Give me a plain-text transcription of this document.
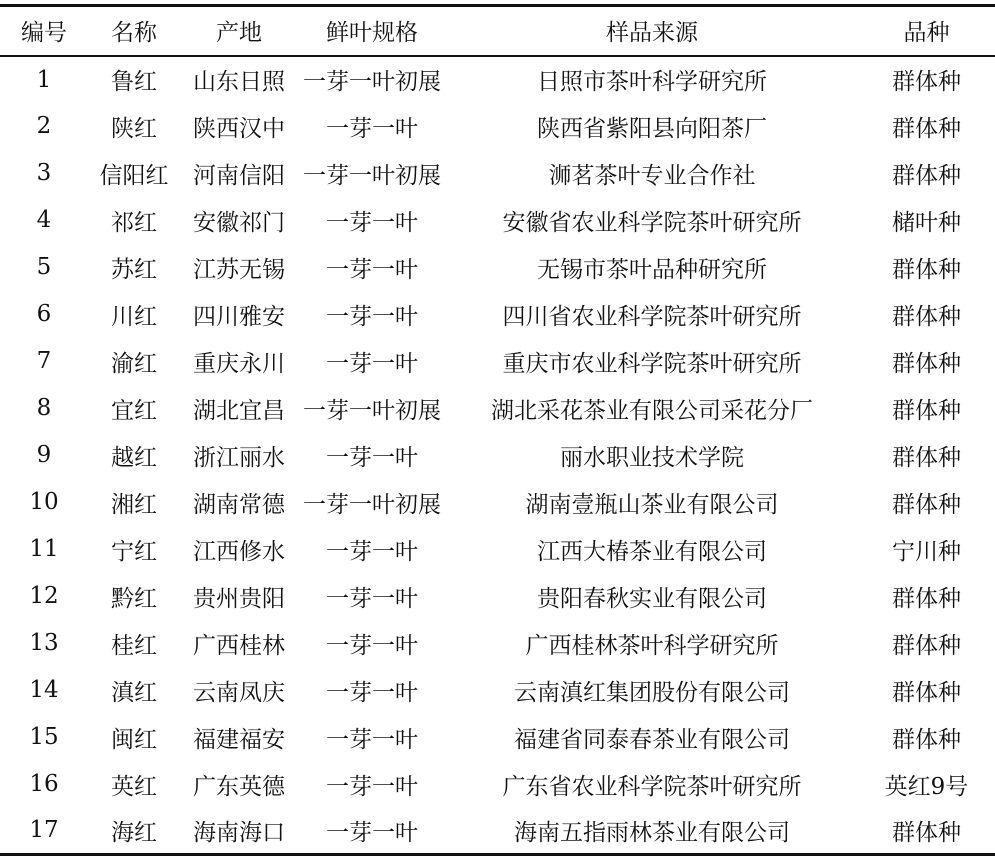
编号	名称	产地	鲜叶规格	样品来源	品种
1	鲁红	山东日照	一芽一叶初展	日照市茶叶科学研究所	群体种
2	陕红	陕西汉中	一芽一叶	陕西省紫阳县向阳茶厂	群体种
3	信阳红	河南信阳	一芽一叶初展	浉茗茶叶专业合作社	群体种
4	祁红	安徽祁门	一芽一叶	安徽省农业科学院茶叶研究所	槠叶种
5	苏红	江苏无锡	一芽一叶	无锡市茶叶品种研究所	群体种
6	川红	四川雅安	一芽一叶	四川省农业科学院茶叶研究所	群体种
7	渝红	重庆永川	一芽一叶	重庆市农业科学院茶叶研究所	群体种
8	宜红	湖北宜昌	一芽一叶初展	湖北采花茶业有限公司采花分厂	群体种
9	越红	浙江丽水	一芽一叶	丽水职业技术学院	群体种
10	湘红	湖南常德	一芽一叶初展	湖南壹瓶山茶业有限公司	群体种
11	宁红	江西修水	一芽一叶	江西大椿茶业有限公司	宁川种
12	黔红	贵州贵阳	一芽一叶	贵阳春秋实业有限公司	群体种
13	桂红	广西桂林	一芽一叶	广西桂林茶叶科学研究所	群体种
14	滇红	云南凤庆	一芽一叶	云南滇红集团股份有限公司	群体种
15	闽红	福建福安	一芽一叶	福建省同泰春茶业有限公司	群体种
16	英红	广东英德	一芽一叶	广东省农业科学院茶叶研究所	英红9号
17	海红	海南海口	一芽一叶	海南五指雨林茶业有限公司	群体种
